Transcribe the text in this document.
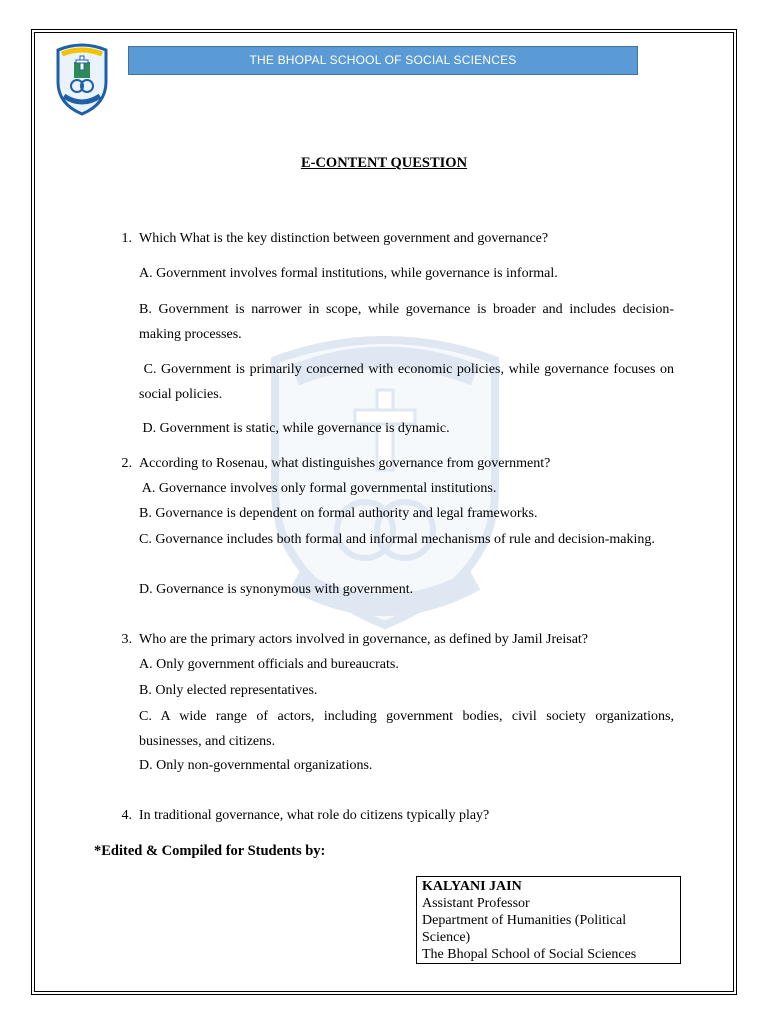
THE BHOPAL SCHOOL OF SOCIAL SCIENCES
E-CONTENT QUESTION
1. Which What is the key distinction between government and governance?
A. Government involves formal institutions, while governance is informal.
B. Government is narrower in scope, while governance is broader and includes decision-making processes.
C. Government is primarily concerned with economic policies, while governance focuses on social policies.
D. Government is static, while governance is dynamic.
2. According to Rosenau, what distinguishes governance from government?
A. Governance involves only formal governmental institutions.
B. Governance is dependent on formal authority and legal frameworks.
C. Governance includes both formal and informal mechanisms of rule and decision-making.
D. Governance is synonymous with government.
3. Who are the primary actors involved in governance, as defined by Jamil Jreisat?
A. Only government officials and bureaucrats.
B. Only elected representatives.
C. A wide range of actors, including government bodies, civil society organizations, businesses, and citizens.
D. Only non-governmental organizations.
4. In traditional governance, what role do citizens typically play?
*Edited & Compiled for Students by:
KALYANI JAIN
Assistant Professor
Department of Humanities (Political Science)
The Bhopal School of Social Sciences
